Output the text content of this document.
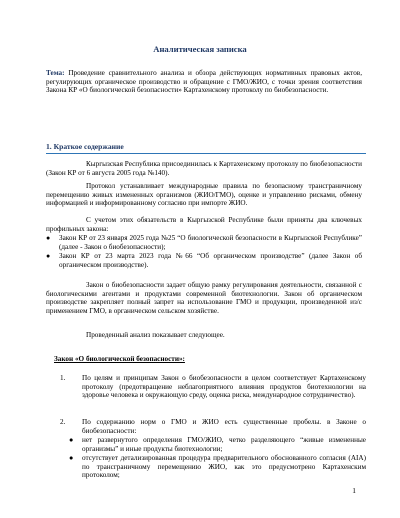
Аналитическая записка
Тема: Проведение сравнительного анализа и обзора действующих нормативных правовых актов, регулирующих органическое производство и обращение с ГМО/ЖИО, с точки зрения соответствия Закона КР «О биологической безопасности» Картахенскому протоколу по биобезопасности.
1. Краткое содержание
Кыргызская Республика присоединилась к Картахенскому протоколу по биобезопасности (Закон КР от 6 августа 2005 года №140).
Протокол устанавливает международные правила по безопасному трансграничному перемещению живых измененных организмов (ЖИО/ГМО), оценке и управлению рисками, обмену информацией и информированному согласию при импорте ЖИО.
С учетом этих обязательств в Кыргызской Республике были приняты два ключевых профильных закона:
● Закон КР от 23 января 2025 года №25 “О биологической безопасности в Кыргызской Республике” (далее - Закон о биобезопасности);
● Закон КР от 23 марта 2023 года №66 “Об органическом производстве” (далее Закон об органическом производстве).
Закон о биобезопасности задает общую рамку регулирования деятельности, связанной с биологическими агентами и продуктами современной биотехнологии. Закон об органическом производстве закрепляет полный запрет на использование ГМО и продукции, произведенной из/с применением ГМО, в органическом сельском хозяйстве.
Проведенный анализ показывает следующее.
Закон «О биологической безопасности»:
1. По целям и принципам Закон о биобезопасности в целом соответствует Картахенскому протоколу (предотвращение неблагоприятного влияния продуктов биотехнологии на здоровье человека и окружающую среду, оценка риска, международное сотрудничество).
2. По содержанию норм о ГМО и ЖИО есть существенные пробелы. в Законе о биобезопасности:
● нет развернутого определения ГМО/ЖИО, четко разделяющего “живые измененные организмы” и иные продукты биотехнологии;
● отсутствует детализированная процедура предварительного обоснованного согласия (AIA) по трансграничному перемещению ЖИО, как это предусмотрено Картахенским протоколом;
1
